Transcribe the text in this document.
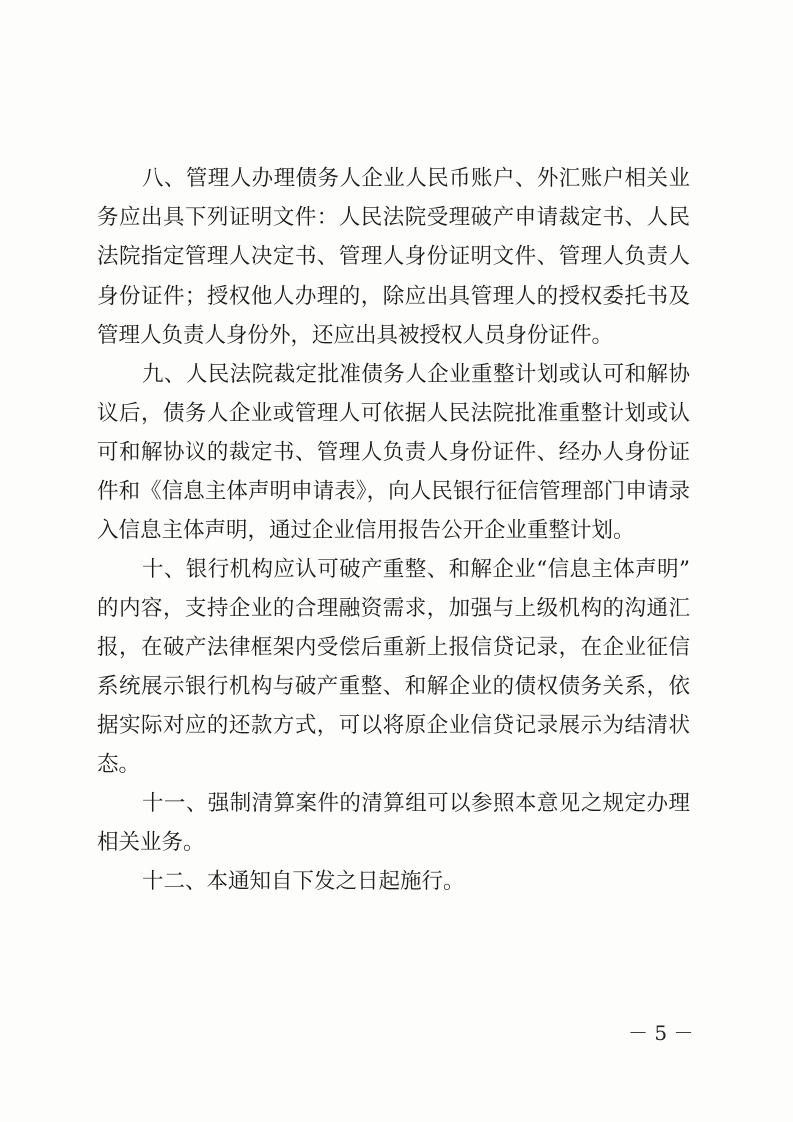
八、管理人办理债务人企业人民币账户、外汇账户相关业
务应出具下列证明文件：人民法院受理破产申请裁定书、人民
法院指定管理人决定书、管理人身份证明文件、管理人负责人
身份证件；授权他人办理的，除应出具管理人的授权委托书及
管理人负责人身份外，还应出具被授权人员身份证件。
九、人民法院裁定批准债务人企业重整计划或认可和解协
议后，债务人企业或管理人可依据人民法院批准重整计划或认
可和解协议的裁定书、管理人负责人身份证件、经办人身份证
件和《信息主体声明申请表》，向人民银行征信管理部门申请录
入信息主体声明，通过企业信用报告公开企业重整计划。
十、银行机构应认可破产重整、和解企业“信息主体声明”
的内容，支持企业的合理融资需求，加强与上级机构的沟通汇
报，在破产法律框架内受偿后重新上报信贷记录，在企业征信
系统展示银行机构与破产重整、和解企业的债权债务关系，依
据实际对应的还款方式，可以将原企业信贷记录展示为结清状
态。
十一、强制清算案件的清算组可以参照本意见之规定办理
相关业务。
十二、本通知自下发之日起施行。
－ 5 －
